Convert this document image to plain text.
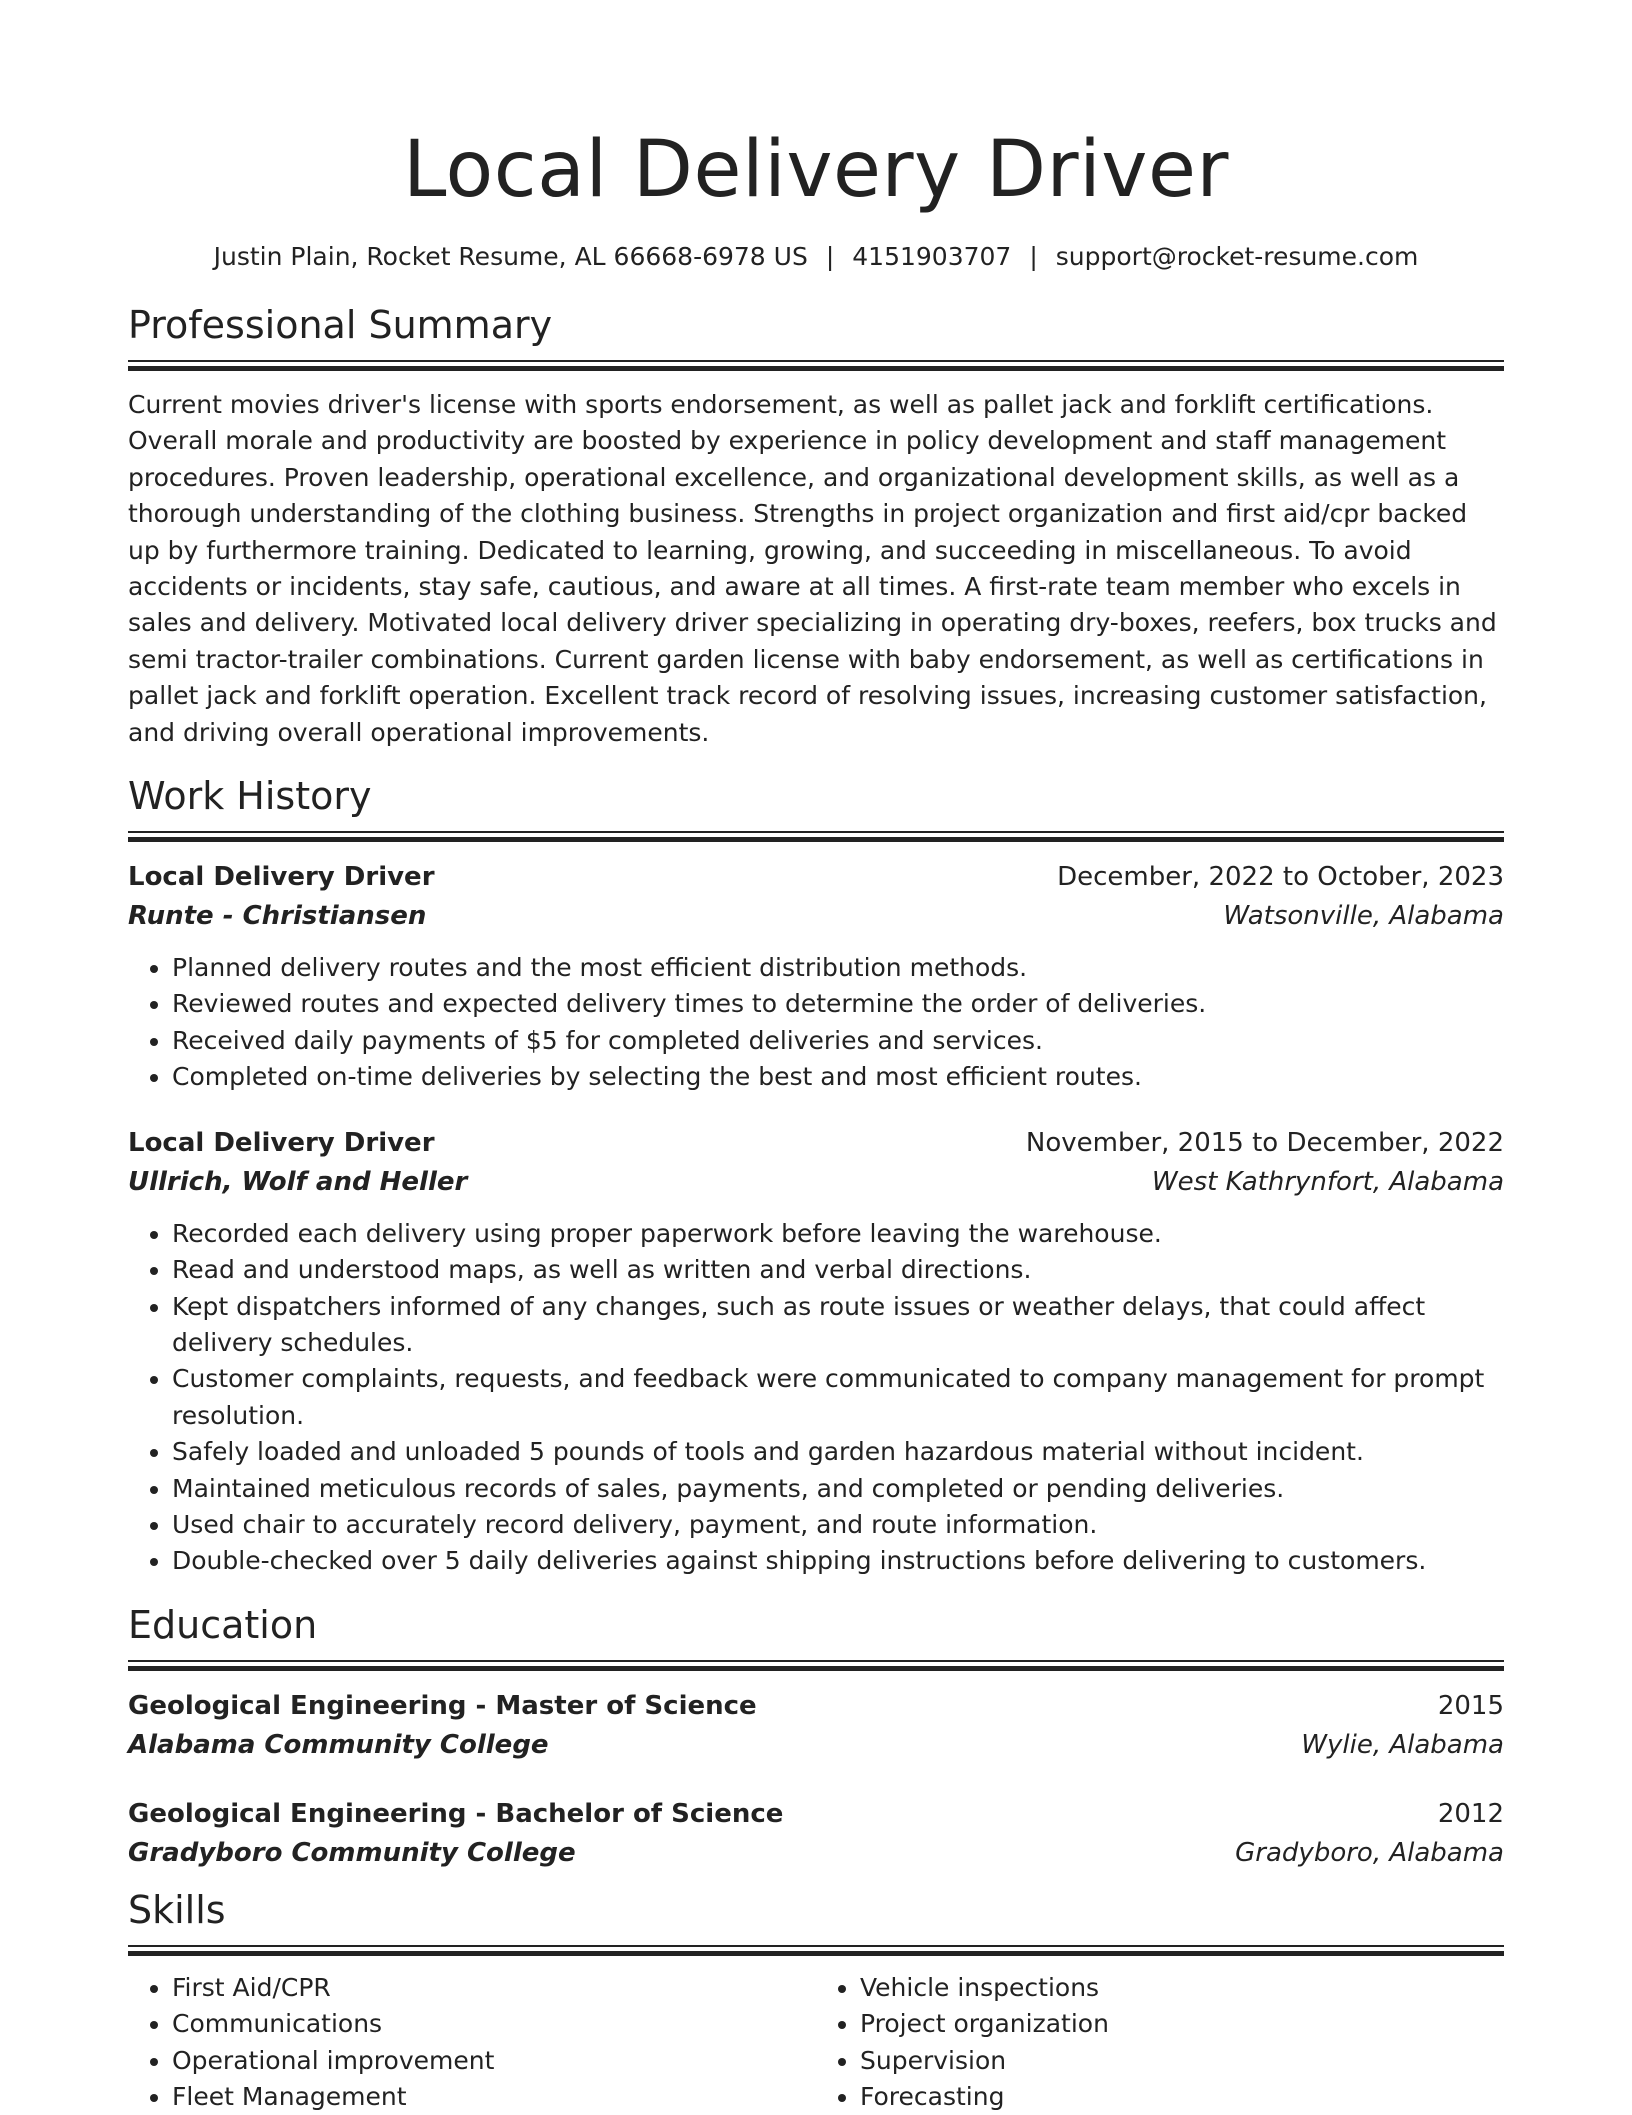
Local Delivery Driver
Justin Plain, Rocket Resume, AL 66668-6978 US | 4151903707 | support@rocket-resume.com
Professional Summary
Current movies driver's license with sports endorsement, as well as pallet jack and forklift certifications. Overall morale and productivity are boosted by experience in policy development and staff management procedures. Proven leadership, operational excellence, and organizational development skills, as well as a thorough understanding of the clothing business. Strengths in project organization and first aid/cpr backed up by furthermore training. Dedicated to learning, growing, and succeeding in miscellaneous. To avoid accidents or incidents, stay safe, cautious, and aware at all times. A first-rate team member who excels in sales and delivery. Motivated local delivery driver specializing in operating dry-boxes, reefers, box trucks and semi tractor-trailer combinations. Current garden license with baby endorsement, as well as certifications in pallet jack and forklift operation. Excellent track record of resolving issues, increasing customer satisfaction, and driving overall operational improvements.
Work History
Local Delivery Driver	December, 2022 to October, 2023
Runte - Christiansen	Watsonville, Alabama
• Planned delivery routes and the most efficient distribution methods.
• Reviewed routes and expected delivery times to determine the order of deliveries.
• Received daily payments of $5 for completed deliveries and services.
• Completed on-time deliveries by selecting the best and most efficient routes.
Local Delivery Driver	November, 2015 to December, 2022
Ullrich, Wolf and Heller	West Kathrynfort, Alabama
• Recorded each delivery using proper paperwork before leaving the warehouse.
• Read and understood maps, as well as written and verbal directions.
• Kept dispatchers informed of any changes, such as route issues or weather delays, that could affect delivery schedules.
• Customer complaints, requests, and feedback were communicated to company management for prompt resolution.
• Safely loaded and unloaded 5 pounds of tools and garden hazardous material without incident.
• Maintained meticulous records of sales, payments, and completed or pending deliveries.
• Used chair to accurately record delivery, payment, and route information.
• Double-checked over 5 daily deliveries against shipping instructions before delivering to customers.
Education
Geological Engineering - Master of Science	2015
Alabama Community College	Wylie, Alabama
Geological Engineering - Bachelor of Science	2012
Gradyboro Community College	Gradyboro, Alabama
Skills
• First Aid/CPR
• Communications
• Operational improvement
• Fleet Management
• Vehicle inspections
• Project organization
• Supervision
• Forecasting
